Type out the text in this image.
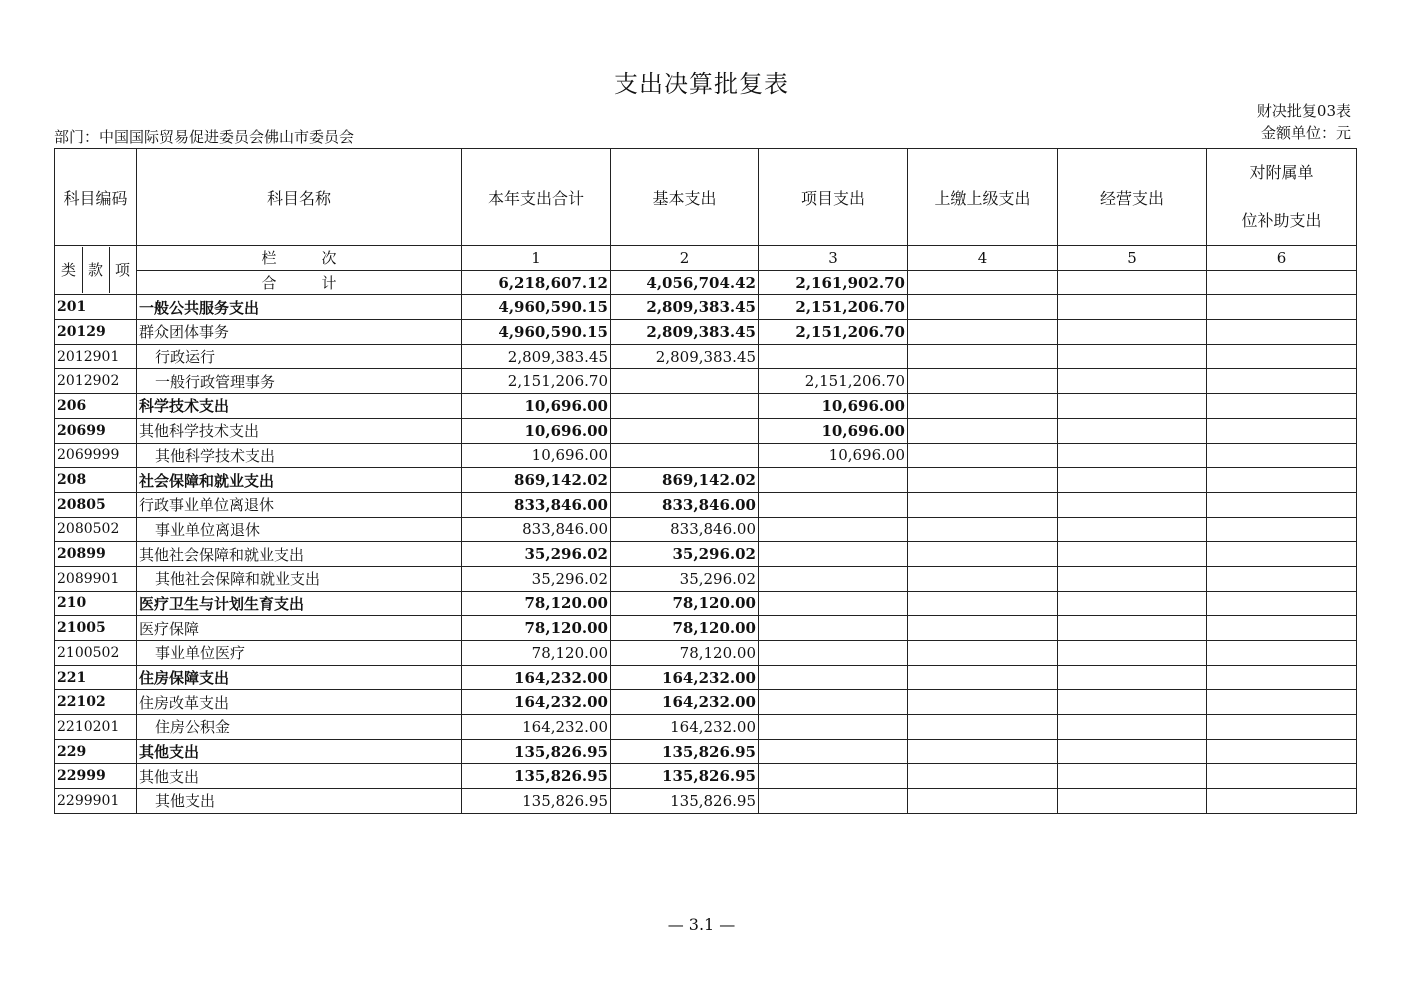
支出决算批复表
财决批复03表
金额单位：元
部门：中国国际贸易促进委员会佛山市委员会
科目编码	科目名称	本年支出合计	基本支出	项目支出	上缴上级支出	经营支出	对附属单
位补助支出

类 款 项	栏　　　次	1	2	3	4	5	6
	合　　　计	6,218,607.12	4,056,704.42	2,161,902.70			
201	一般公共服务支出	4,960,590.15	2,809,383.45	2,151,206.70			
20129	群众团体事务	4,960,590.15	2,809,383.45	2,151,206.70			
2012901	行政运行	2,809,383.45	2,809,383.45				
2012902	一般行政管理事务	2,151,206.70		2,151,206.70			
206	科学技术支出	10,696.00		10,696.00			
20699	其他科学技术支出	10,696.00		10,696.00			
2069999	其他科学技术支出	10,696.00		10,696.00			
208	社会保障和就业支出	869,142.02	869,142.02				
20805	行政事业单位离退休	833,846.00	833,846.00				
2080502	事业单位离退休	833,846.00	833,846.00				
20899	其他社会保障和就业支出	35,296.02	35,296.02				
2089901	其他社会保障和就业支出	35,296.02	35,296.02				
210	医疗卫生与计划生育支出	78,120.00	78,120.00				
21005	医疗保障	78,120.00	78,120.00				
2100502	事业单位医疗	78,120.00	78,120.00				
221	住房保障支出	164,232.00	164,232.00				
22102	住房改革支出	164,232.00	164,232.00				
2210201	住房公积金	164,232.00	164,232.00				
229	其他支出	135,826.95	135,826.95				
22999	其他支出	135,826.95	135,826.95				
2299901	其他支出	135,826.95	135,826.95				
— 3.1 —
